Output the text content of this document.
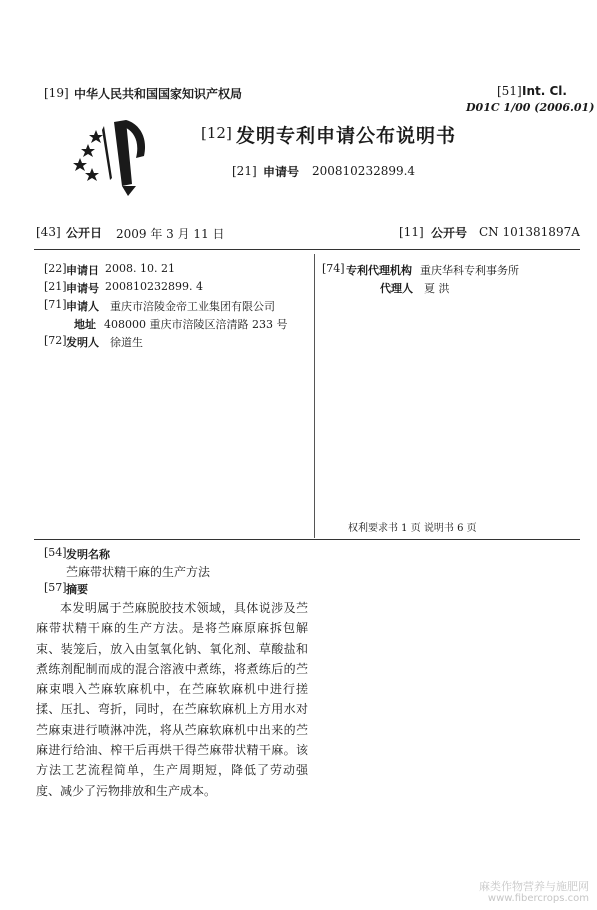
[19] 中华人民共和国国家知识产权局	[51] Int. Cl.
D01C 1/00 (2006.01)
[12] 发明专利申请公布说明书
[21] 申请号 200810232899.4
[43] 公开日 2009 年 3 月 11 日	[11] 公开号 CN 101381897A
[22] 申请日 2008. 10. 21
[21] 申请号 200810232899. 4
[71] 申请人 重庆市涪陵金帝工业集团有限公司
地址 408000 重庆市涪陵区涪清路 233 号
[72] 发明人 徐道生
[74] 专利代理机构 重庆华科专利事务所
代理人 夏 洪
权利要求书 1 页 说明书 6 页
[54] 发明名称
苎麻带状精干麻的生产方法
[57] 摘要
本发明属于苎麻脱胶技术领域，具体说涉及苎麻带状精干麻的生产方法。是将苎麻原麻拆包解束、装笼后，放入由氢氧化钠、氧化剂、草酸盐和煮练剂配制而成的混合溶液中煮练，将煮练后的苎麻束喂入苎麻软麻机中，在苎麻软麻机中进行搓揉、压扎、弯折，同时，在苎麻软麻机上方用水对苎麻束进行喷淋冲洗，将从苎麻软麻机中出来的苎麻进行给油、榨干后再烘干得苎麻带状精干麻。该方法工艺流程简单，生产周期短，降低了劳动强度、减少了污物排放和生产成本。
麻类作物营养与施肥网
www.fibercrops.com
